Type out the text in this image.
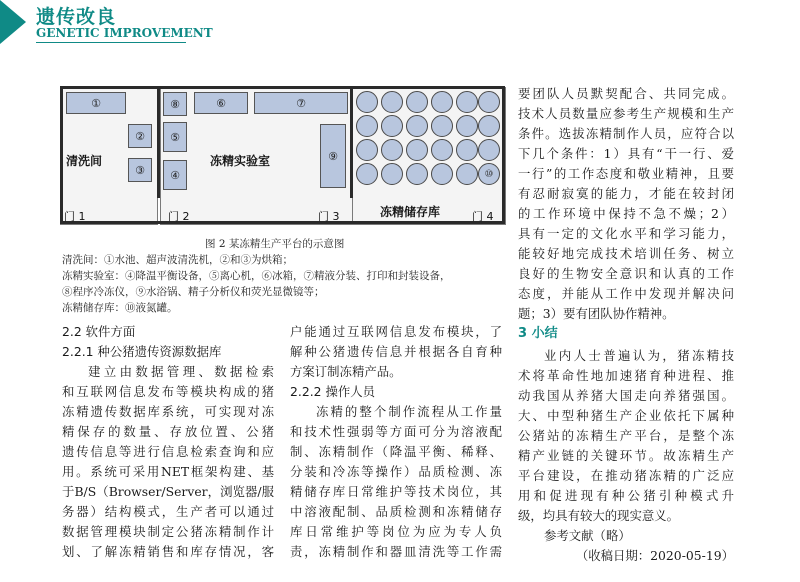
遗传改良
GENETIC IMPROVEMENT
①
②
③
清洗间
⑧
⑤
④
⑥	⑦
⑨
冻精实验室
⑩
冻精储存库
门 1	门 2	门 3	门 4
图 2 某冻精生产平台的示意图
清洗间：①水池、超声波清洗机，②和③为烘箱；
冻精实验室：④降温平衡设备，⑤离心机，⑥冰箱，⑦精液分装、打印和封装设备，
⑧程序冷冻仪，⑨水浴锅、精子分析仪和荧光显微镜等；
冻精储存库：⑩液氮罐。
2.2 软件方面
2.2.1 种公猪遗传资源数据库
建立由数据管理、数据检索
和互联网信息发布等模块构成的猪
冻精遗传数据库系统，可实现对冻
精保存的数量、存放位置、公猪
遗传信息等进行信息检索查询和应
用。系统可采用NET框架构建、基
于B/S（Browser/Server，浏览器/服
务器）结构模式，生产者可以通过
数据管理模块制定公猪冻精制作计
划、了解冻精销售和库存情况，客
户能通过互联网信息发布模块，了
解种公猪遗传信息并根据各自育种
方案订制冻精产品。
2.2.2 操作人员
冻精的整个制作流程从工作量
和技术性强弱等方面可分为溶液配
制、冻精制作（降温平衡、稀释、
分装和冷冻等操作）品质检测、冻
精储存库日常维护等技术岗位，其
中溶液配制、品质检测和冻精储存
库日常维护等岗位为应为专人负
责，冻精制作和器皿清洗等工作需
要团队人员默契配合、共同完成。
技术人员数量应参考生产规模和生产
条件。选拔冻精制作人员，应符合以
下几个条件：1）具有“干一行、爱
一行”的工作态度和敬业精神，且要
有忍耐寂寞的能力，才能在较封闭
的工作环境中保持不急不燥；2）
具有一定的文化水平和学习能力，
能较好地完成技术培训任务、树立
良好的生物安全意识和认真的工作
态度，并能从工作中发现并解决问
题；3）要有团队协作精神。
3 小结
业内人士普遍认为，猪冻精技
术将革命性地加速猪育种进程、推
动我国从养猪大国走向养猪强国。
大、中型种猪生产企业依托下属种
公猪站的冻精生产平台，是整个冻
精产业链的关键环节。故冻精生产
平台建设，在推动猪冻精的广泛应
用和促进现有种公猪引种模式升
级，均具有较大的现实意义。
参考文献（略）
（收稿日期：2020-05-19）
